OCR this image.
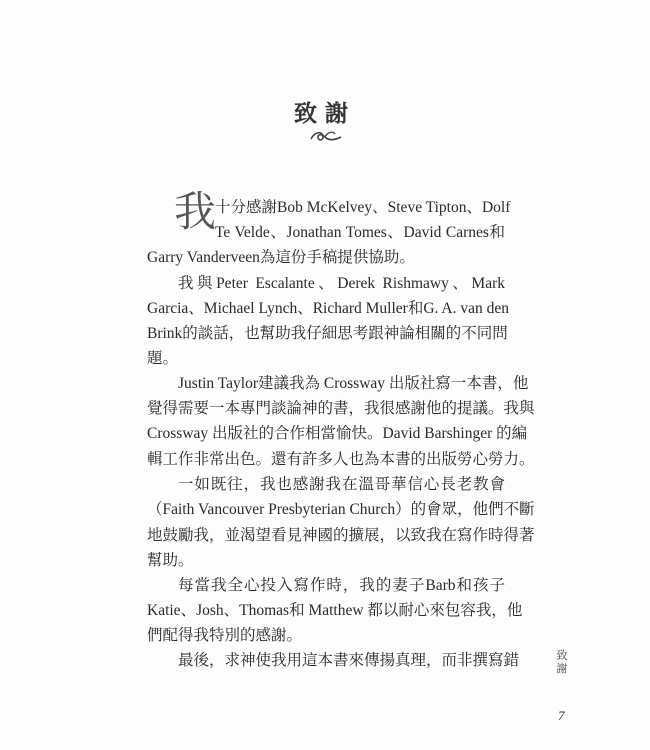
致謝
我
十分感謝Bob McKelvey、Steve Tipton、Dolf
Te Velde、Jonathan Tomes、David Carnes和
Garry Vanderveen為這份手稿提供協助。
我與Peter Escalante、Derek Rishmawy、Mark
Garcia、Michael Lynch、Richard Muller和G. A. van den
Brink的談話，也幫助我仔細思考跟神論相關的不同問
題。
Justin Taylor建議我為 Crossway 出版社寫一本書，他
覺得需要一本專門談論神的書，我很感謝他的提議。我與
Crossway 出版社的合作相當愉快。David Barshinger 的編
輯工作非常出色。還有許多人也為本書的出版勞心勞力。
一如既往，我也感謝我在溫哥華信心長老教會
（Faith Vancouver Presbyterian Church）的會眾，他們不斷
地鼓勵我，並渴望看見神國的擴展，以致我在寫作時得著
幫助。
每當我全心投入寫作時，我的妻子Barb和孩子
Katie、Josh、Thomas和 Matthew 都以耐心來包容我，他
們配得我特別的感謝。
最後，求神使我用這本書來傳揚真理，而非撰寫錯	致謝
7
